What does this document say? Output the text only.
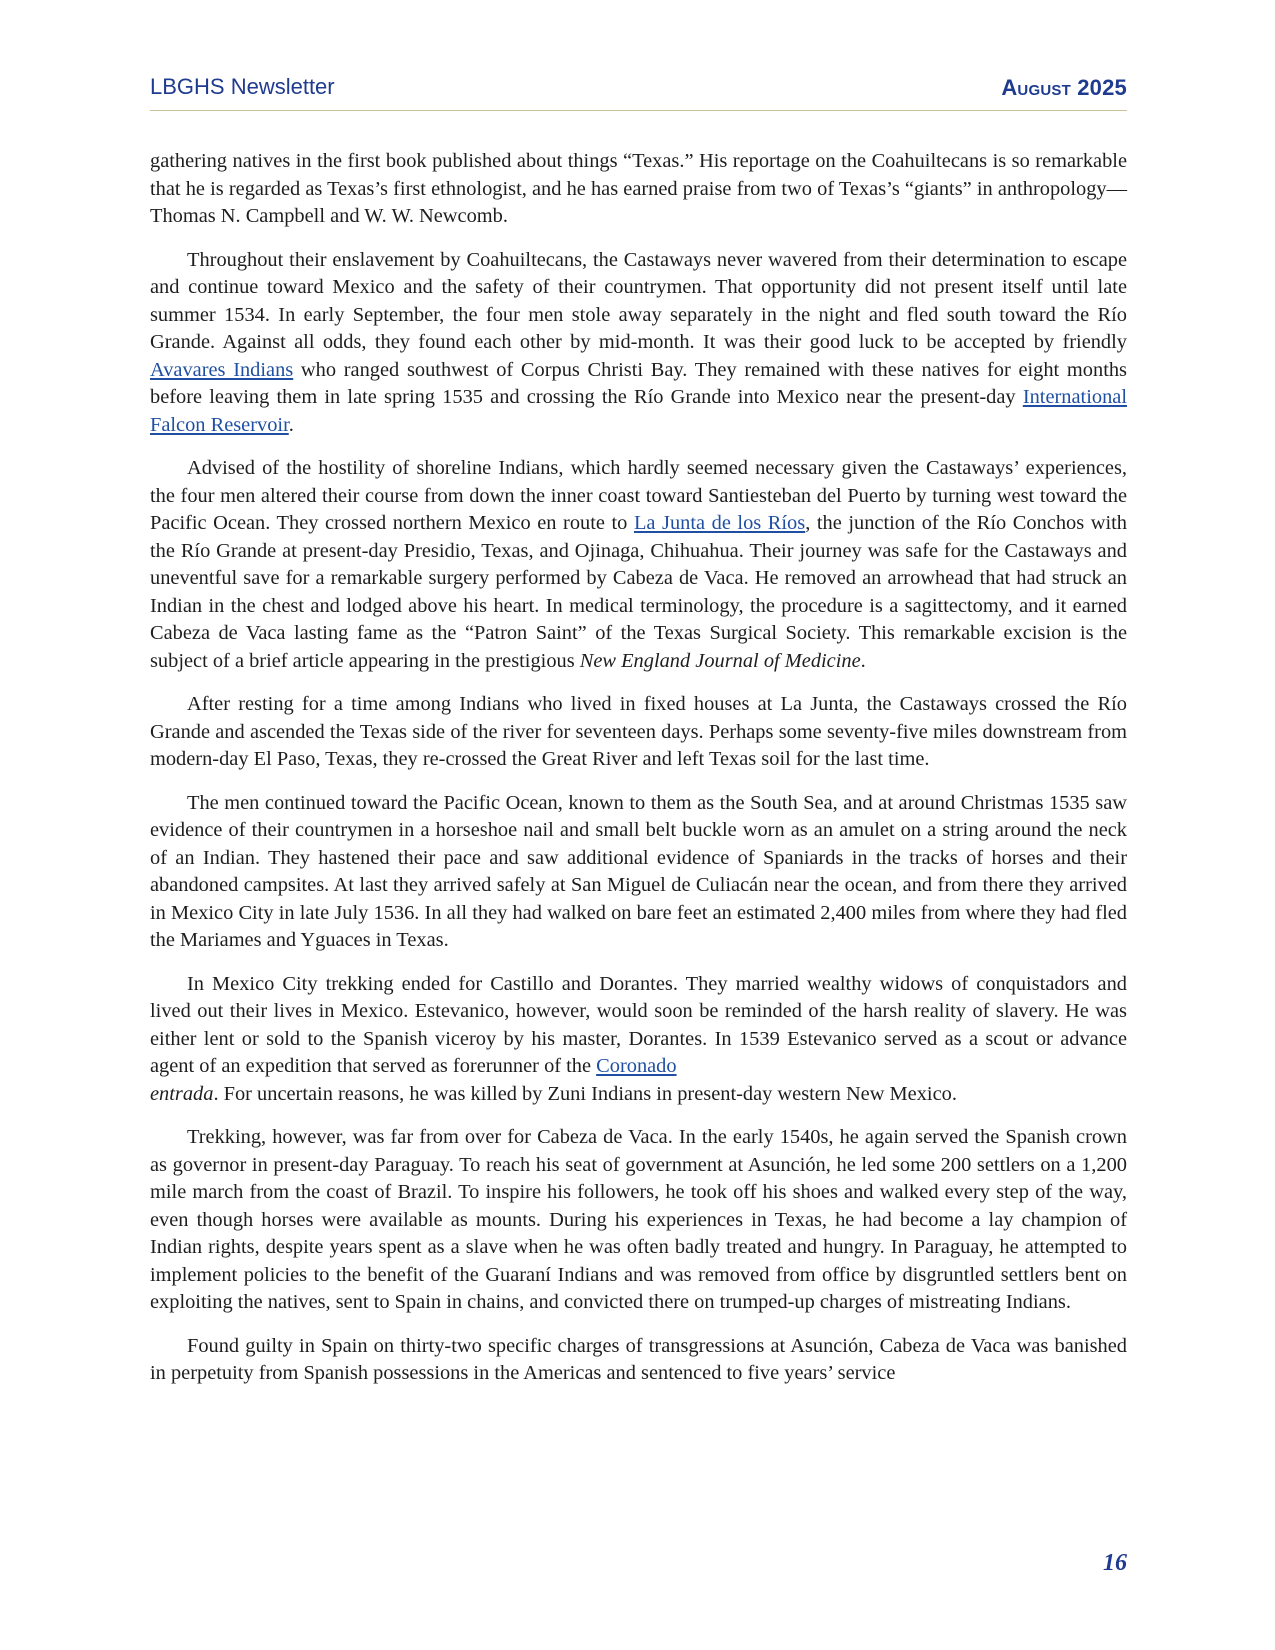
LBGHS Newsletter	August 2025

gathering natives in the first book published about things “Texas.” His reportage on the Coahuiltecans is so remarkable that he is regarded as Texas’s first ethnologist, and he has earned praise from two of Texas’s “giants” in anthropology—Thomas N. Campbell and W. W. Newcomb.

Throughout their enslavement by Coahuiltecans, the Castaways never wavered from their determination to escape and continue toward Mexico and the safety of their countrymen. That opportunity did not present itself until late summer 1534. In early September, the four men stole away separately in the night and fled south toward the Río Grande. Against all odds, they found each other by mid-month. It was their good luck to be accepted by friendly Avavares Indians who ranged southwest of Corpus Christi Bay. They remained with these natives for eight months before leaving them in late spring 1535 and crossing the Río Grande into Mexico near the present-day International Falcon Reservoir.

Advised of the hostility of shoreline Indians, which hardly seemed necessary given the Castaways’ experiences, the four men altered their course from down the inner coast toward Santiesteban del Puerto by turning west toward the Pacific Ocean. They crossed northern Mexico en route to La Junta de los Ríos, the junction of the Río Conchos with the Río Grande at present-day Presidio, Texas, and Ojinaga, Chihuahua. Their journey was safe for the Castaways and uneventful save for a remarkable surgery performed by Cabeza de Vaca. He removed an arrowhead that had struck an Indian in the chest and lodged above his heart. In medical terminology, the procedure is a sagittectomy, and it earned Cabeza de Vaca lasting fame as the “Patron Saint” of the Texas Surgical Society. This remarkable excision is the subject of a brief article appearing in the prestigious New England Journal of Medicine.

After resting for a time among Indians who lived in fixed houses at La Junta, the Castaways crossed the Río Grande and ascended the Texas side of the river for seventeen days. Perhaps some seventy-five miles downstream from modern-day El Paso, Texas, they re-crossed the Great River and left Texas soil for the last time.

The men continued toward the Pacific Ocean, known to them as the South Sea, and at around Christmas 1535 saw evidence of their countrymen in a horseshoe nail and small belt buckle worn as an amulet on a string around the neck of an Indian. They hastened their pace and saw additional evidence of Spaniards in the tracks of horses and their abandoned campsites. At last they arrived safely at San Miguel de Culiacán near the ocean, and from there they arrived in Mexico City in late July 1536. In all they had walked on bare feet an estimated 2,400 miles from where they had fled the Mariames and Yguaces in Texas.

In Mexico City trekking ended for Castillo and Dorantes. They married wealthy widows of conquistadors and lived out their lives in Mexico. Estevanico, however, would soon be reminded of the harsh reality of slavery. He was either lent or sold to the Spanish viceroy by his master, Dorantes. In 1539 Estevanico served as a scout or advance agent of an expedition that served as forerunner of the Coronado
entrada. For uncertain reasons, he was killed by Zuni Indians in present-day western New Mexico.

Trekking, however, was far from over for Cabeza de Vaca. In the early 1540s, he again served the Spanish crown as governor in present-day Paraguay. To reach his seat of government at Asunción, he led some 200 settlers on a 1,200 mile march from the coast of Brazil. To inspire his followers, he took off his shoes and walked every step of the way, even though horses were available as mounts. During his experiences in Texas, he had become a lay champion of Indian rights, despite years spent as a slave when he was often badly treated and hungry. In Paraguay, he attempted to implement policies to the benefit of the Guaraní Indians and was removed from office by disgruntled settlers bent on exploiting the natives, sent to Spain in chains, and convicted there on trumped-up charges of mistreating Indians.

Found guilty in Spain on thirty-two specific charges of transgressions at Asunción, Cabeza de Vaca was banished in perpetuity from Spanish possessions in the Americas and sentenced to five years’ service

16
